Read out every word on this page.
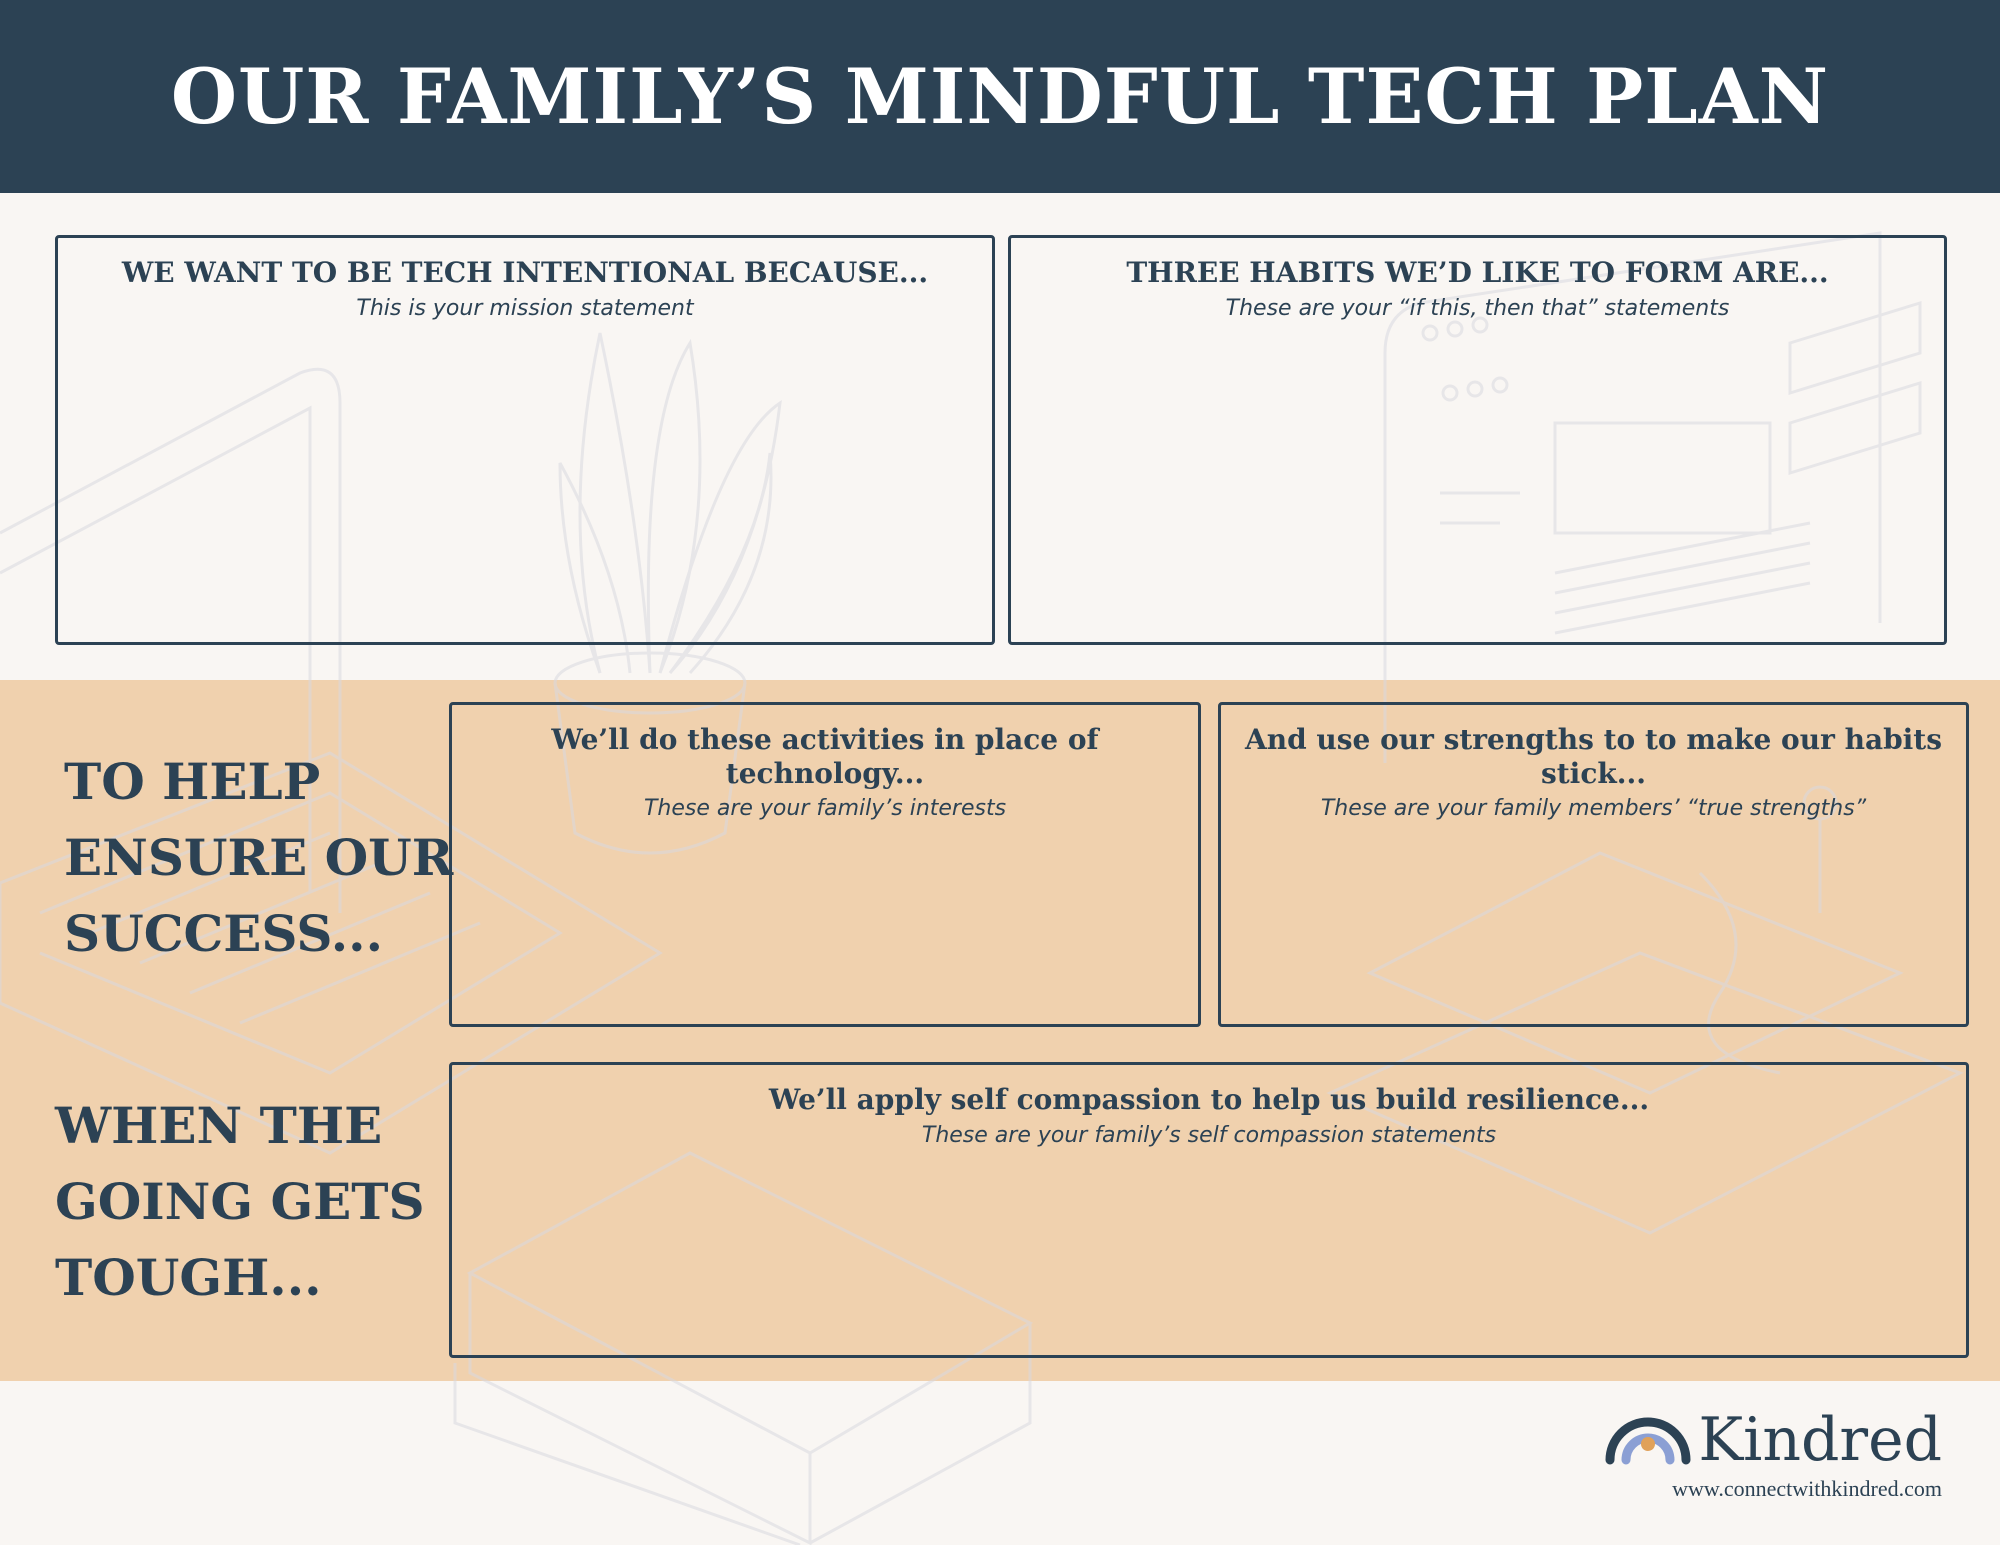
OUR FAMILY’S MINDFUL TECH PLAN
WE WANT TO BE TECH INTENTIONAL BECAUSE...
This is your mission statement
THREE HABITS WE’D LIKE TO FORM ARE...
These are your “if this, then that” statements
TO HELP
ENSURE OUR
SUCCESS...
We’ll do these activities in place of technology...
These are your family’s interests
And use our strengths to to make our habits stick...
These are your family members’ “true strengths”
WHEN THE
GOING GETS
TOUGH...
We’ll apply self compassion to help us build resilience...
These are your family’s self compassion statements
Kindred
www.connectwithkindred.com
